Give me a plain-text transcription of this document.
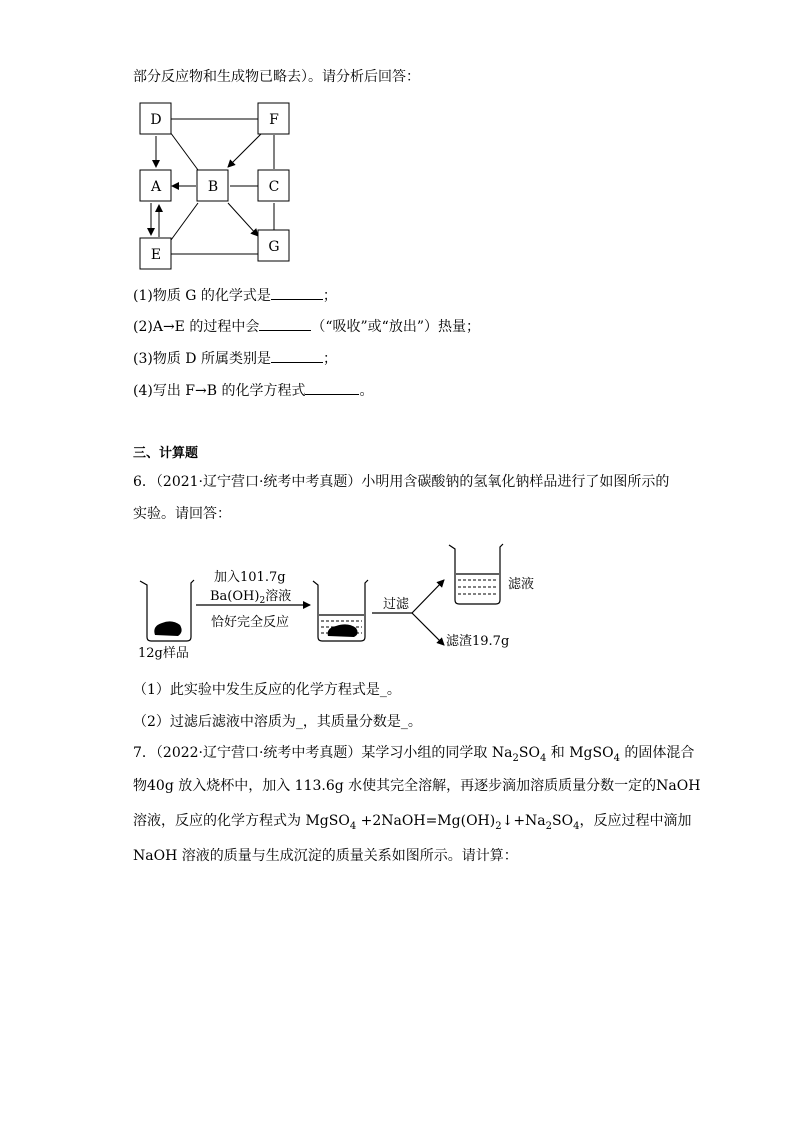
部分反应物和生成物已略去）。请分析后回答：
D	F
A	B	C
E	G
(1)物质 G 的化学式是	；
(2)A→E 的过程中会	（“吸收”或“放出”）热量；
(3)物质 D 所属类别是	；
(4)写出 F→B 的化学方程式	。
三、计算题
6．（2021·辽宁营口·统考中考真题）小明用含碳酸钠的氢氧化钠样品进行了如图所示的
实验。请回答：
加入101.7g
$Ba(OH)_2$溶液
恰好完全反应
12g样品
过滤
滤液
滤渣19.7g
（1）此实验中发生反应的化学方程式是_。
（2）过滤后滤液中溶质为_，其质量分数是_。
7．（2022·辽宁营口·统考中考真题）某学习小组的同学取 $Na_2SO_4$ 和 MgSO$_4$ 的固体混合
物40g 放入烧杯中，加入 113.6g 水使其完全溶解，再逐步滴加溶质质量分数一定的NaOH
溶液，反应的化学方程式为 MgSO$_4$ $+2NaOH=Mg(OH)_2↓+Na_2SO_4$，反应过程中滴加
NaOH 溶液的质量与生成沉淀的质量关系如图所示。请计算：
